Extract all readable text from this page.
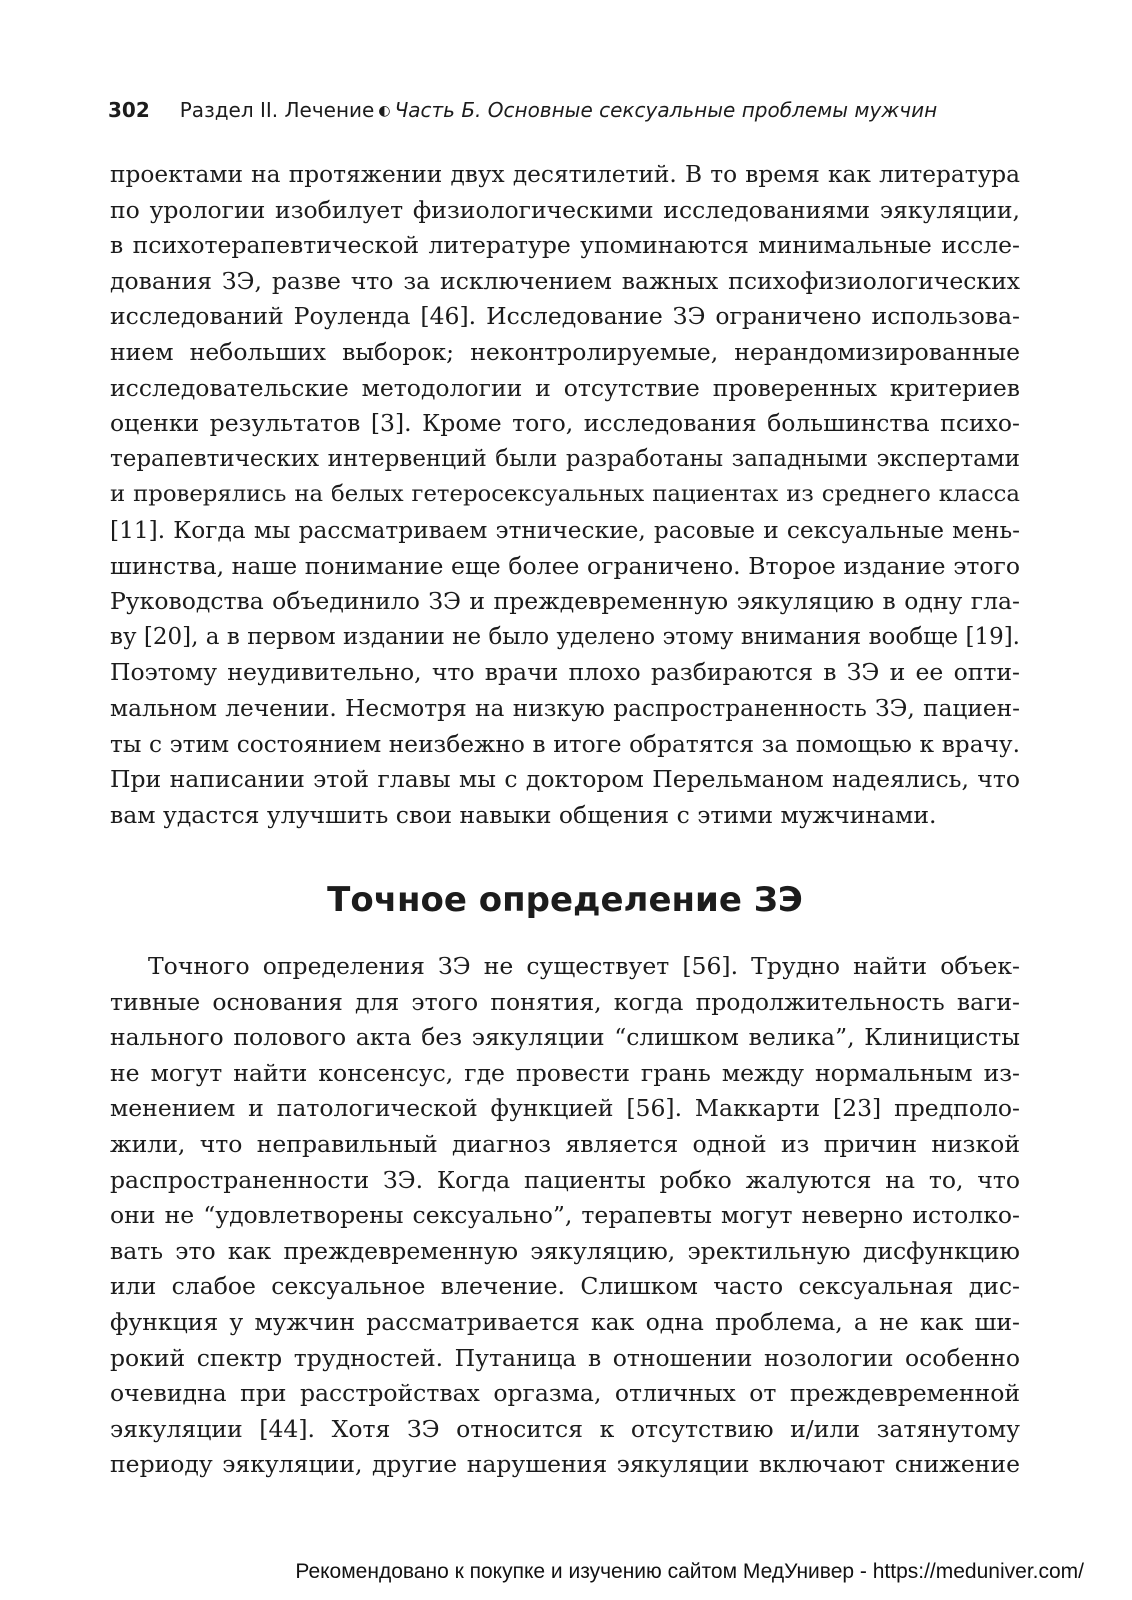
302 Раздел II. Лечение ◐ Часть Б. Основные сексуальные проблемы мужчин
проектами на протяжении двух десятилетий. В то время как литература
по урологии изобилует физиологическими исследованиями эякуляции,
в психотерапевтической литературе упоминаются минимальные иссле-
дования ЗЭ, разве что за исключением важных психофизиологических
исследований Роуленда [46]. Исследование ЗЭ ограничено использова-
нием небольших выборок; неконтролируемые, нерандомизированные
исследовательские методологии и отсутствие проверенных критериев
оценки результатов [3]. Кроме того, исследования большинства психо-
терапевтических интервенций были разработаны западными экспертами
и проверялись на белых гетеросексуальных пациентах из среднего класса
[11]. Когда мы рассматриваем этнические, расовые и сексуальные мень-
шинства, наше понимание еще более ограничено. Второе издание этого
Руководства объединило ЗЭ и преждевременную эякуляцию в одну гла-
ву [20], а в первом издании не было уделено этому внимания вообще [19].
Поэтому неудивительно, что врачи плохо разбираются в ЗЭ и ее опти-
мальном лечении. Несмотря на низкую распространенность ЗЭ, пациен-
ты с этим состоянием неизбежно в итоге обратятся за помощью к врачу.
При написании этой главы мы с доктором Перельманом надеялись, что
вам удастся улучшить свои навыки общения с этими мужчинами.
Точное определение ЗЭ
Точного определения ЗЭ не существует [56]. Трудно найти объек-
тивные основания для этого понятия, когда продолжительность ваги-
нального полового акта без эякуляции “слишком велика”, Клиницисты
не могут найти консенсус, где провести грань между нормальным из-
менением и патологической функцией [56]. Маккарти [23] предполо-
жили, что неправильный диагноз является одной из причин низкой
распространенности ЗЭ. Когда пациенты робко жалуются на то, что
они не “удовлетворены сексуально”, терапевты могут неверно истолко-
вать это как преждевременную эякуляцию, эректильную дисфункцию
или слабое сексуальное влечение. Слишком часто сексуальная дис-
функция у мужчин рассматривается как одна проблема, а не как ши-
рокий спектр трудностей. Путаница в отношении нозологии особенно
очевидна при расстройствах оргазма, отличных от преждевременной
эякуляции [44]. Хотя ЗЭ относится к отсутствию и/или затянутому
периоду эякуляции, другие нарушения эякуляции включают снижение
Рекомендовано к покупке и изучению сайтом МедУнивер - https://meduniver.com/
